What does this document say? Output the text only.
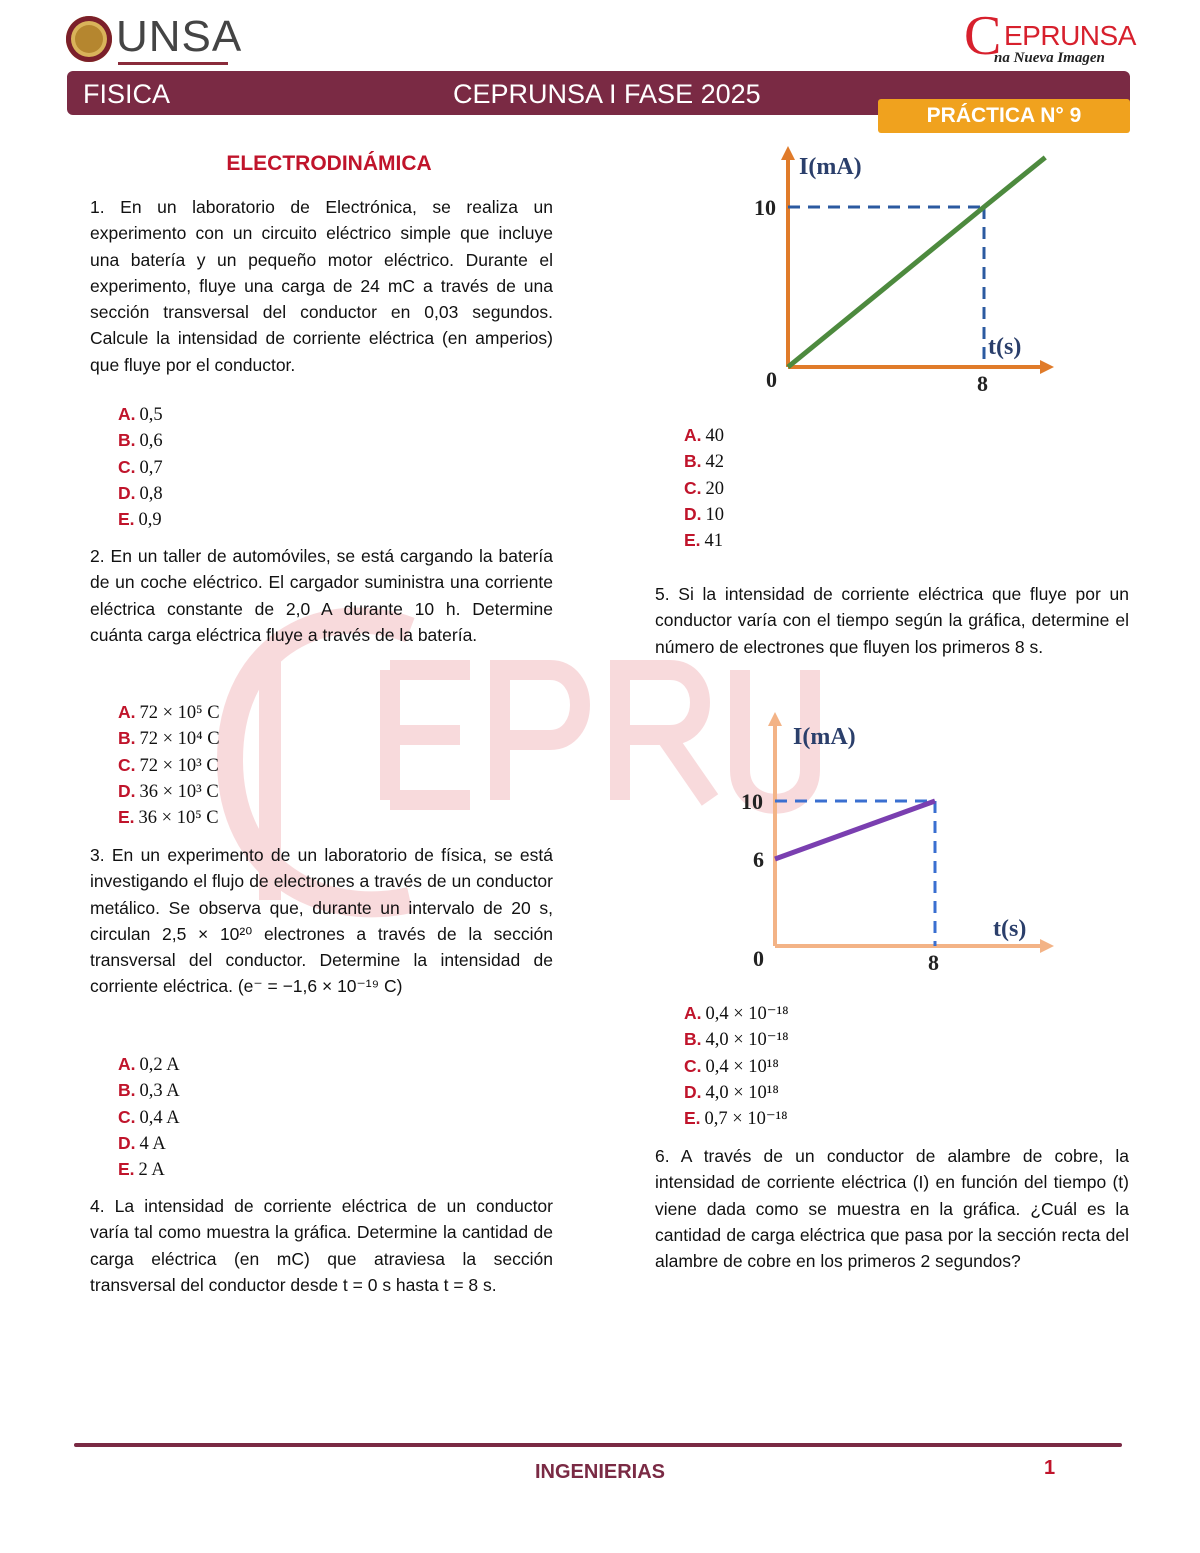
UNSA	C EPRUNSA
na Nueva Imagen
FISICA	CEPRUNSA I FASE 2025
PRÁCTICA N° 9
ELECTRODINÁMICA
1. En un laboratorio de Electrónica, se realiza un experimento con un circuito eléctrico simple que incluye una batería y un pequeño motor eléctrico. Durante el experimento, fluye una carga de 24 mC a través de una sección transversal del conductor en 0,03 segundos. Calcule la intensidad de corriente eléctrica (en amperios) que fluye por el conductor.
A. 0,5
B. 0,6
C. 0,7
D. 0,8
E. 0,9
2. En un taller de automóviles, se está cargando la batería de un coche eléctrico. El cargador suministra una corriente eléctrica constante de 2,0 A durante 10 h. Determine cuánta carga eléctrica fluye a través de la batería.
A. 72 × 10⁵ C
B. 72 × 10⁴ C
C. 72 × 10³ C
D. 36 × 10³ C
E. 36 × 10⁵ C
3. En un experimento de un laboratorio de física, se está investigando el flujo de electrones a través de un conductor metálico. Se observa que, durante un intervalo de 20 s, circulan 2,5 × 10²⁰ electrones a través de la sección transversal del conductor. Determine la intensidad de corriente eléctrica. (e⁻ = −1,6 × 10⁻¹⁹ C)
A. 0,2 A
B. 0,3 A
C. 0,4 A
D. 4 A
E. 2 A
4. La intensidad de corriente eléctrica de un conductor varía tal como muestra la gráfica. Determine la cantidad de carga eléctrica (en mC) que atraviesa la sección transversal del conductor desde t = 0 s hasta t = 8 s.
I(mA)
t(s)
0	8
10
A. 40
B. 42
C. 20
D. 10
E. 41
5. Si la intensidad de corriente eléctrica que fluye por un conductor varía con el tiempo según la gráfica, determine el número de electrones que fluyen los primeros 8 s.
I(mA)
t(s)
0	8
6
10
A. 0,4 × 10⁻¹⁸
B. 4,0 × 10⁻¹⁸
C. 0,4 × 10¹⁸
D. 4,0 × 10¹⁸
E. 0,7 × 10⁻¹⁸
6. A través de un conductor de alambre de cobre, la intensidad de corriente eléctrica (I) en función del tiempo (t) viene dada como se muestra en la gráfica. ¿Cuál es la cantidad de carga eléctrica que pasa por la sección recta del alambre de cobre en los primeros 2 segundos?
INGENIERIAS	1
